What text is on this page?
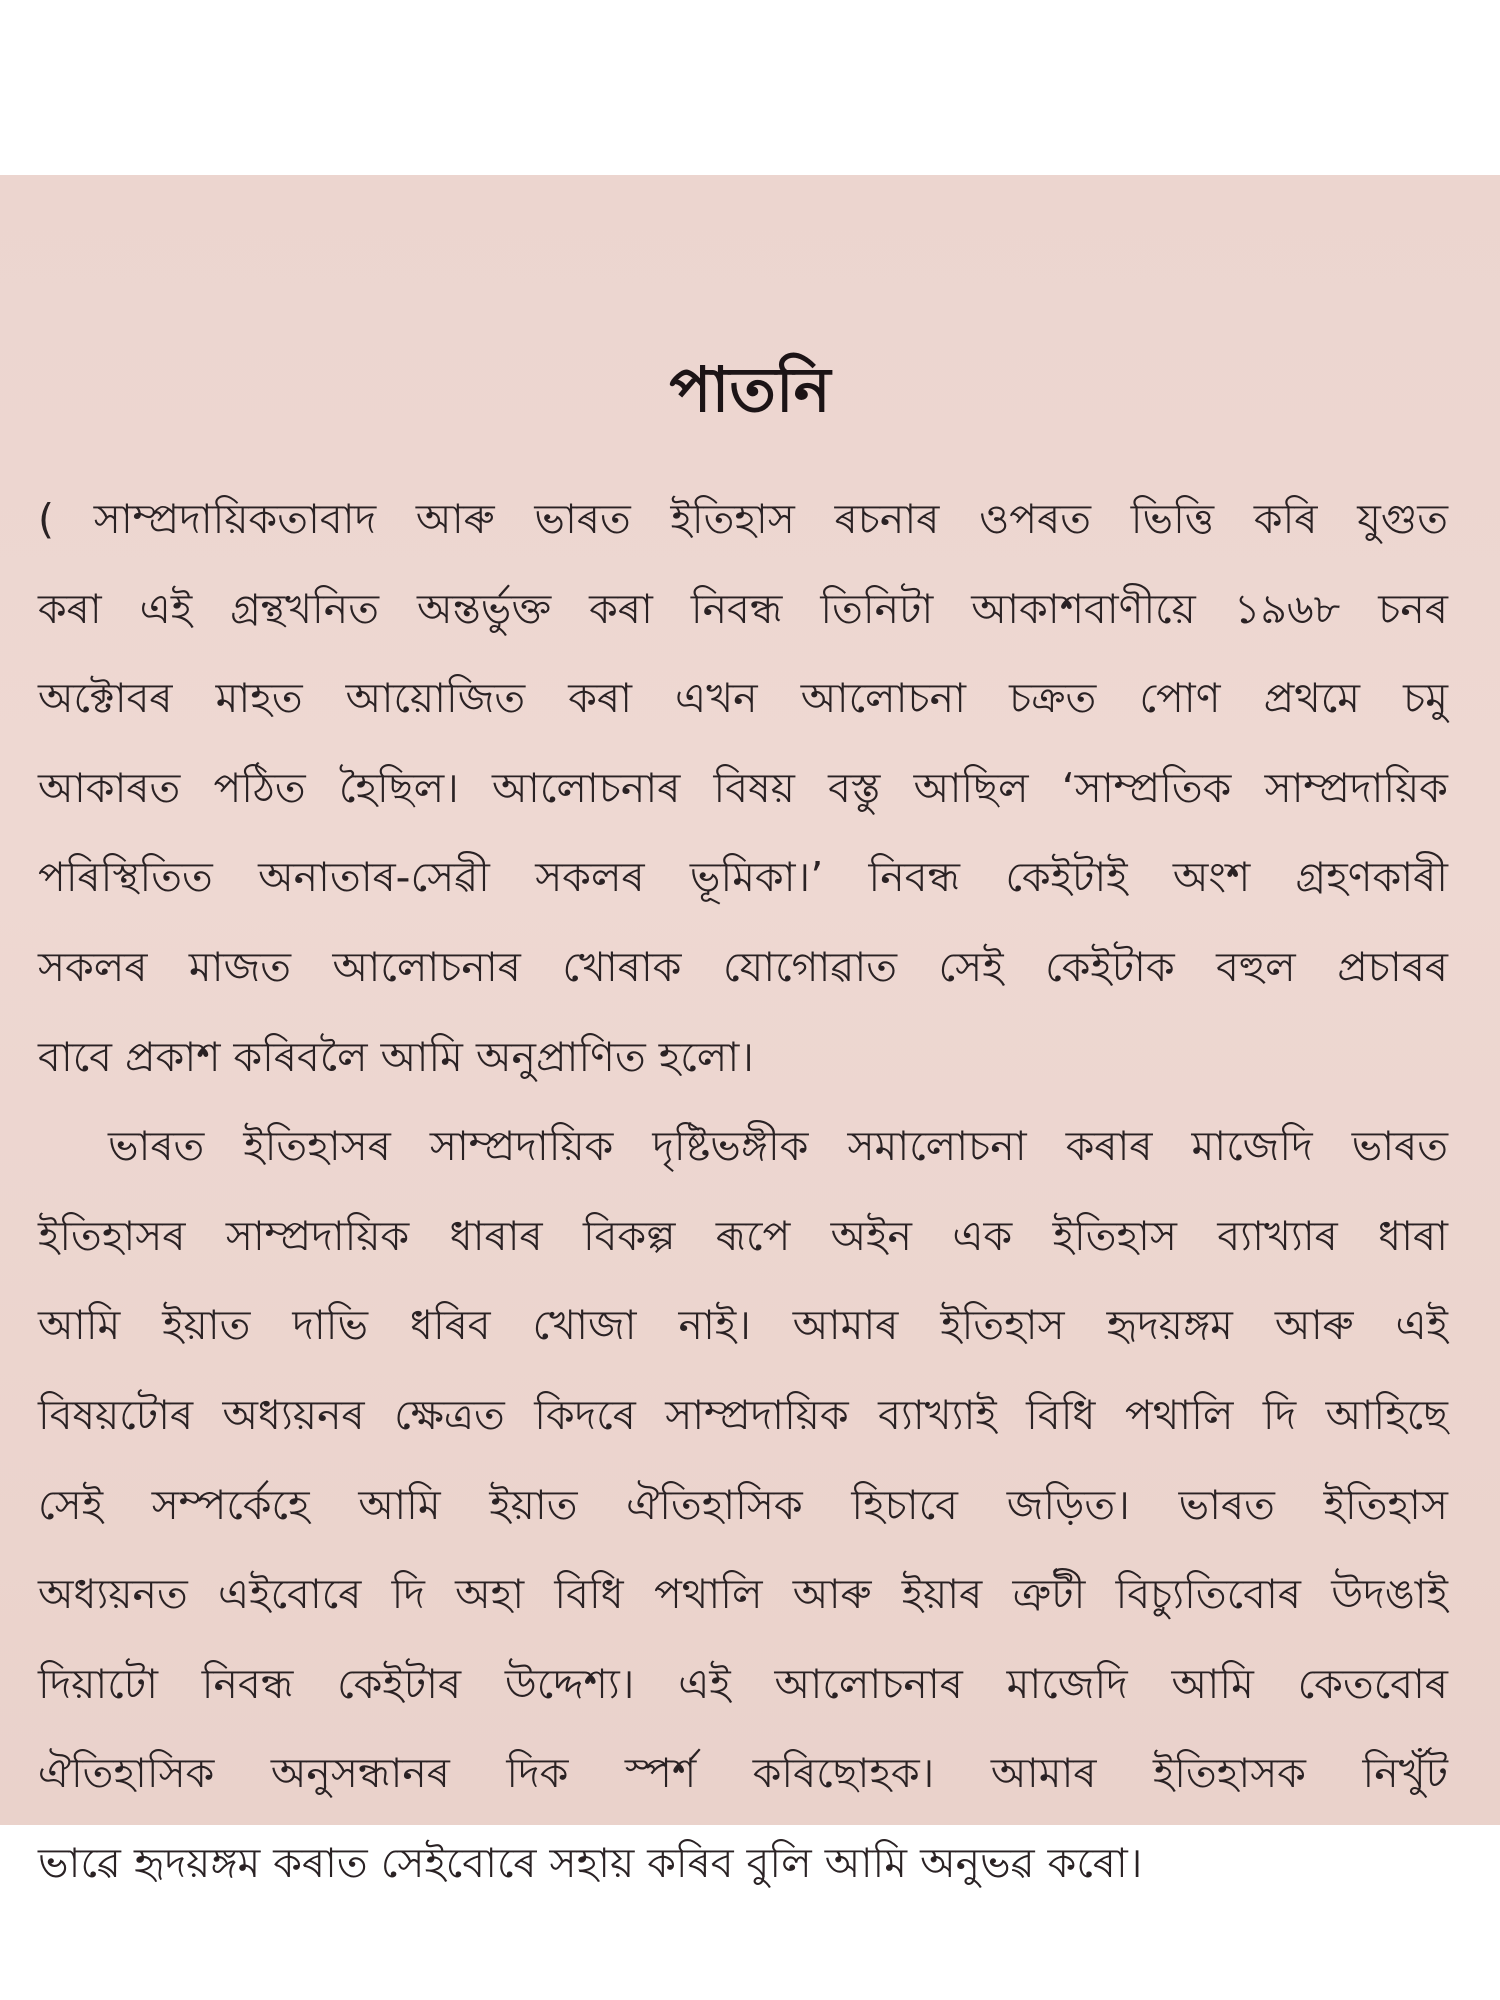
পাতনি

( সাম্প্ৰদায়িকতাবাদ আৰু ভাৰত ইতিহাস ৰচনাৰ ওপৰত ভিত্তি কৰি যুগুত
কৰা এই গ্ৰন্থখনিত অন্তৰ্ভুক্ত কৰা নিবন্ধ তিনিটা আকাশবাণীয়ে ১৯৬৮ চনৰ
অক্টোবৰ মাহত আয়োজিত কৰা এখন আলোচনা চক্ৰত পোণ প্ৰথমে চমু
আকাৰত পঠিত হৈছিল। আলোচনাৰ বিষয় বস্তু আছিল ‘সাম্প্ৰতিক সাম্প্ৰদায়িক
পৰিস্থিতিত অনাতাৰ-সেৱী সকলৰ ভূমিকা।’ নিবন্ধ কেইটাই অংশ গ্ৰহণকাৰী
সকলৰ মাজত আলোচনাৰ খোৰাক যোগোৱাত সেই কেইটাক বহুল প্ৰচাৰৰ
বাবে প্ৰকাশ কৰিবলৈ আমি অনুপ্ৰাণিত হলো।

ভাৰত ইতিহাসৰ সাম্প্ৰদায়িক দৃষ্টিভঙ্গীক সমালোচনা কৰাৰ মাজেদি ভাৰত
ইতিহাসৰ সাম্প্ৰদায়িক ধাৰাৰ বিকল্প ৰূপে অইন এক ইতিহাস ব্যাখ্যাৰ ধাৰা
আমি ইয়াত দাভি ধৰিব খোজা নাই। আমাৰ ইতিহাস হৃদয়ঙ্গম আৰু এই
বিষয়টোৰ অধ্যয়নৰ ক্ষেত্ৰত কিদৰে সাম্প্ৰদায়িক ব্যাখ্যাই বিধি পথালি দি আহিছে
সেই সম্পৰ্কেহে আমি ইয়াত ঐতিহাসিক হিচাবে জড়িত। ভাৰত ইতিহাস
অধ্যয়নত এইবোৰে দি অহা বিধি পথালি আৰু ইয়াৰ ত্ৰুটী বিচ্যুতিবোৰ উদঙাই
দিয়াটো নিবন্ধ কেইটাৰ উদ্দেশ্য। এই আলোচনাৰ মাজেদি আমি কেতবোৰ
ঐতিহাসিক অনুসন্ধানৰ দিক স্পৰ্শ কৰিছোহক। আমাৰ ইতিহাসক নিখুঁট
ভাৱে হৃদয়ঙ্গম কৰাত সেইবোৰে সহায় কৰিব বুলি আমি অনুভৱ কৰো।
